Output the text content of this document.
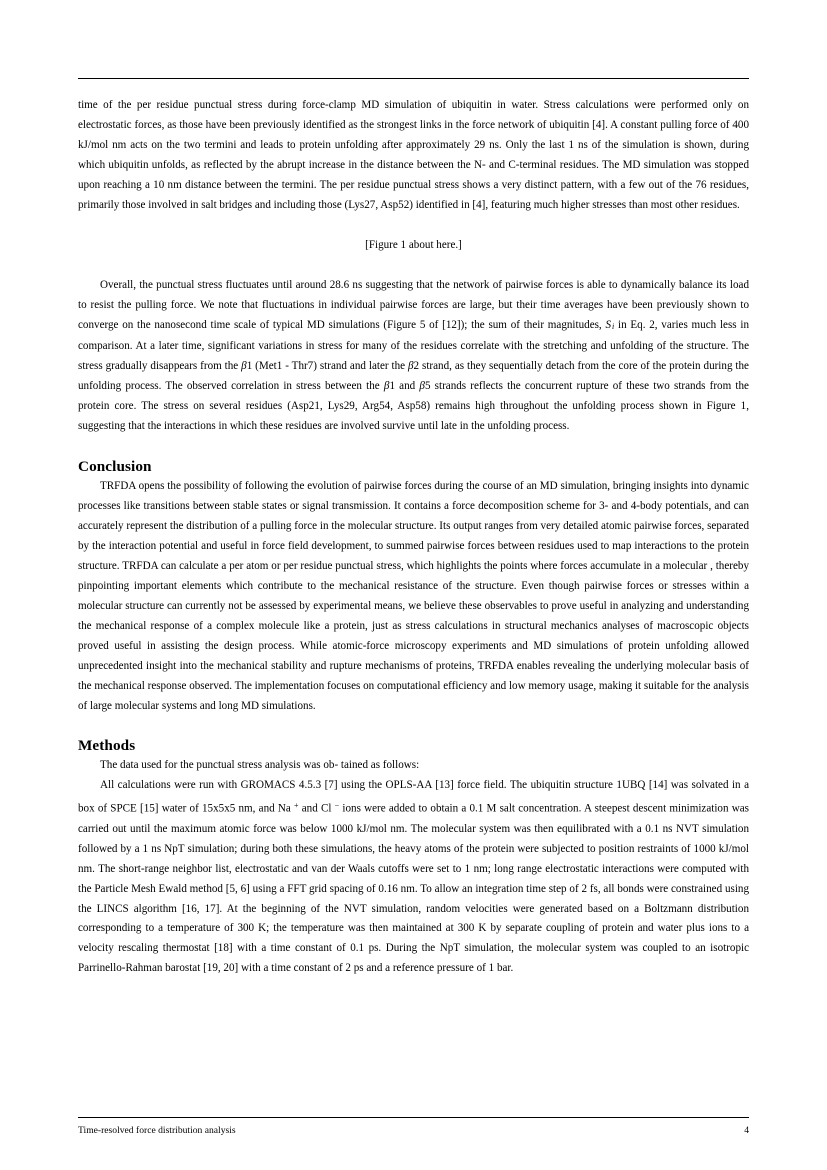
time of the per residue punctual stress during force-clamp MD simulation of ubiquitin in water. Stress calculations were performed only on electrostatic forces, as those have been previously identified as the strongest links in the force network of ubiquitin [4]. A constant pulling force of 400 kJ/mol nm acts on the two termini and leads to protein unfolding after approximately 29 ns. Only the last 1 ns of the simulation is shown, during which ubiquitin unfolds, as reflected by the abrupt increase in the distance between the N- and C-terminal residues. The MD simulation was stopped upon reaching a 10 nm distance between the termini. The per residue punctual stress shows a very distinct pattern, with a few out of the 76 residues, primarily those involved in salt bridges and including those (Lys27, Asp52) identified in [4], featuring much higher stresses than most other residues.

[Figure 1 about here.]

Overall, the punctual stress fluctuates until around 28.6 ns suggesting that the network of pairwise forces is able to dynamically balance its load to resist the pulling force. We note that fluctuations in individual pairwise forces are large, but their time averages have been previously shown to converge on the nanosecond time scale of typical MD simulations (Figure 5 of [12]); the sum of their magnitudes, $S_i$ in Eq. 2, varies much less in comparison. At a later time, significant variations in stress for many of the residues correlate with the stretching and unfolding of the structure. The stress gradually disappears from the β1 (Met1 - Thr7) strand and later the β2 strand, as they sequentially detach from the core of the protein during the unfolding process. The observed correlation in stress between the β1 and β5 strands reflects the concurrent rupture of these two strands from the protein core. The stress on several residues (Asp21, Lys29, Arg54, Asp58) remains high throughout the unfolding process shown in Figure 1, suggesting that the interactions in which these residues are involved survive until late in the unfolding process.

Conclusion

TRFDA opens the possibility of following the evolution of pairwise forces during the course of an MD simulation, bringing insights into dynamic processes like transitions between stable states or signal transmission. It contains a force decomposition scheme for 3- and 4-body potentials, and can accurately represent the distribution of a pulling force in the molecular structure. Its output ranges from very detailed atomic pairwise forces, separated by the interaction potential and useful in force field development, to summed pairwise forces between residues used to map interactions to the protein structure. TRFDA can calculate a per atom or per residue punctual stress, which highlights the points where forces accumulate in a molecular , thereby pinpointing important elements which contribute to the mechanical resistance of the structure. Even though pairwise forces or stresses within a molecular structure can currently not be assessed by experimental means, we believe these observables to prove useful in analyzing and understanding the mechanical response of a complex molecule like a protein, just as stress calculations in structural mechanics analyses of macroscopic objects proved useful in assisting the design process. While atomic-force microscopy experiments and MD simulations of protein unfolding allowed unprecedented insight into the mechanical stability and rupture mechanisms of proteins, TRFDA enables revealing the underlying molecular basis of the mechanical response observed. The implementation focuses on computational efficiency and low memory usage, making it suitable for the analysis of large molecular systems and long MD simulations.

Methods

The data used for the punctual stress analysis was ob- tained as follows:

All calculations were run with GROMACS 4.5.3 [7] using the OPLS-AA [13] force field. The ubiquitin structure 1UBQ [14] was solvated in a box of SPCE [15] water of 15x5x5 nm, and Na + and Cl − ions were added to obtain a 0.1 M salt concentration. A steepest descent minimization was carried out until the maximum atomic force was below 1000 kJ/mol nm. The molecular system was then equilibrated with a 0.1 ns NVT simulation followed by a 1 ns NpT simulation; during both these simulations, the heavy atoms of the protein were subjected to position restraints of 1000 kJ/mol nm. The short-range neighbor list, electrostatic and van der Waals cutoffs were set to 1 nm; long range electrostatic interactions were computed with the Particle Mesh Ewald method [5, 6] using a FFT grid spacing of 0.16 nm. To allow an integration time step of 2 fs, all bonds were constrained using the LINCS algorithm [16, 17]. At the beginning of the NVT simulation, random velocities were generated based on a Boltzmann distribution corresponding to a temperature of 300 K; the temperature was then maintained at 300 K by separate coupling of protein and water plus ions to a velocity rescaling thermostat [18] with a time constant of 0.1 ps. During the NpT simulation, the molecular system was coupled to an isotropic Parrinello-Rahman barostat [19, 20] with a time constant of 2 ps and a reference pressure of 1 bar.

Time-resolved force distribution analysis	4
